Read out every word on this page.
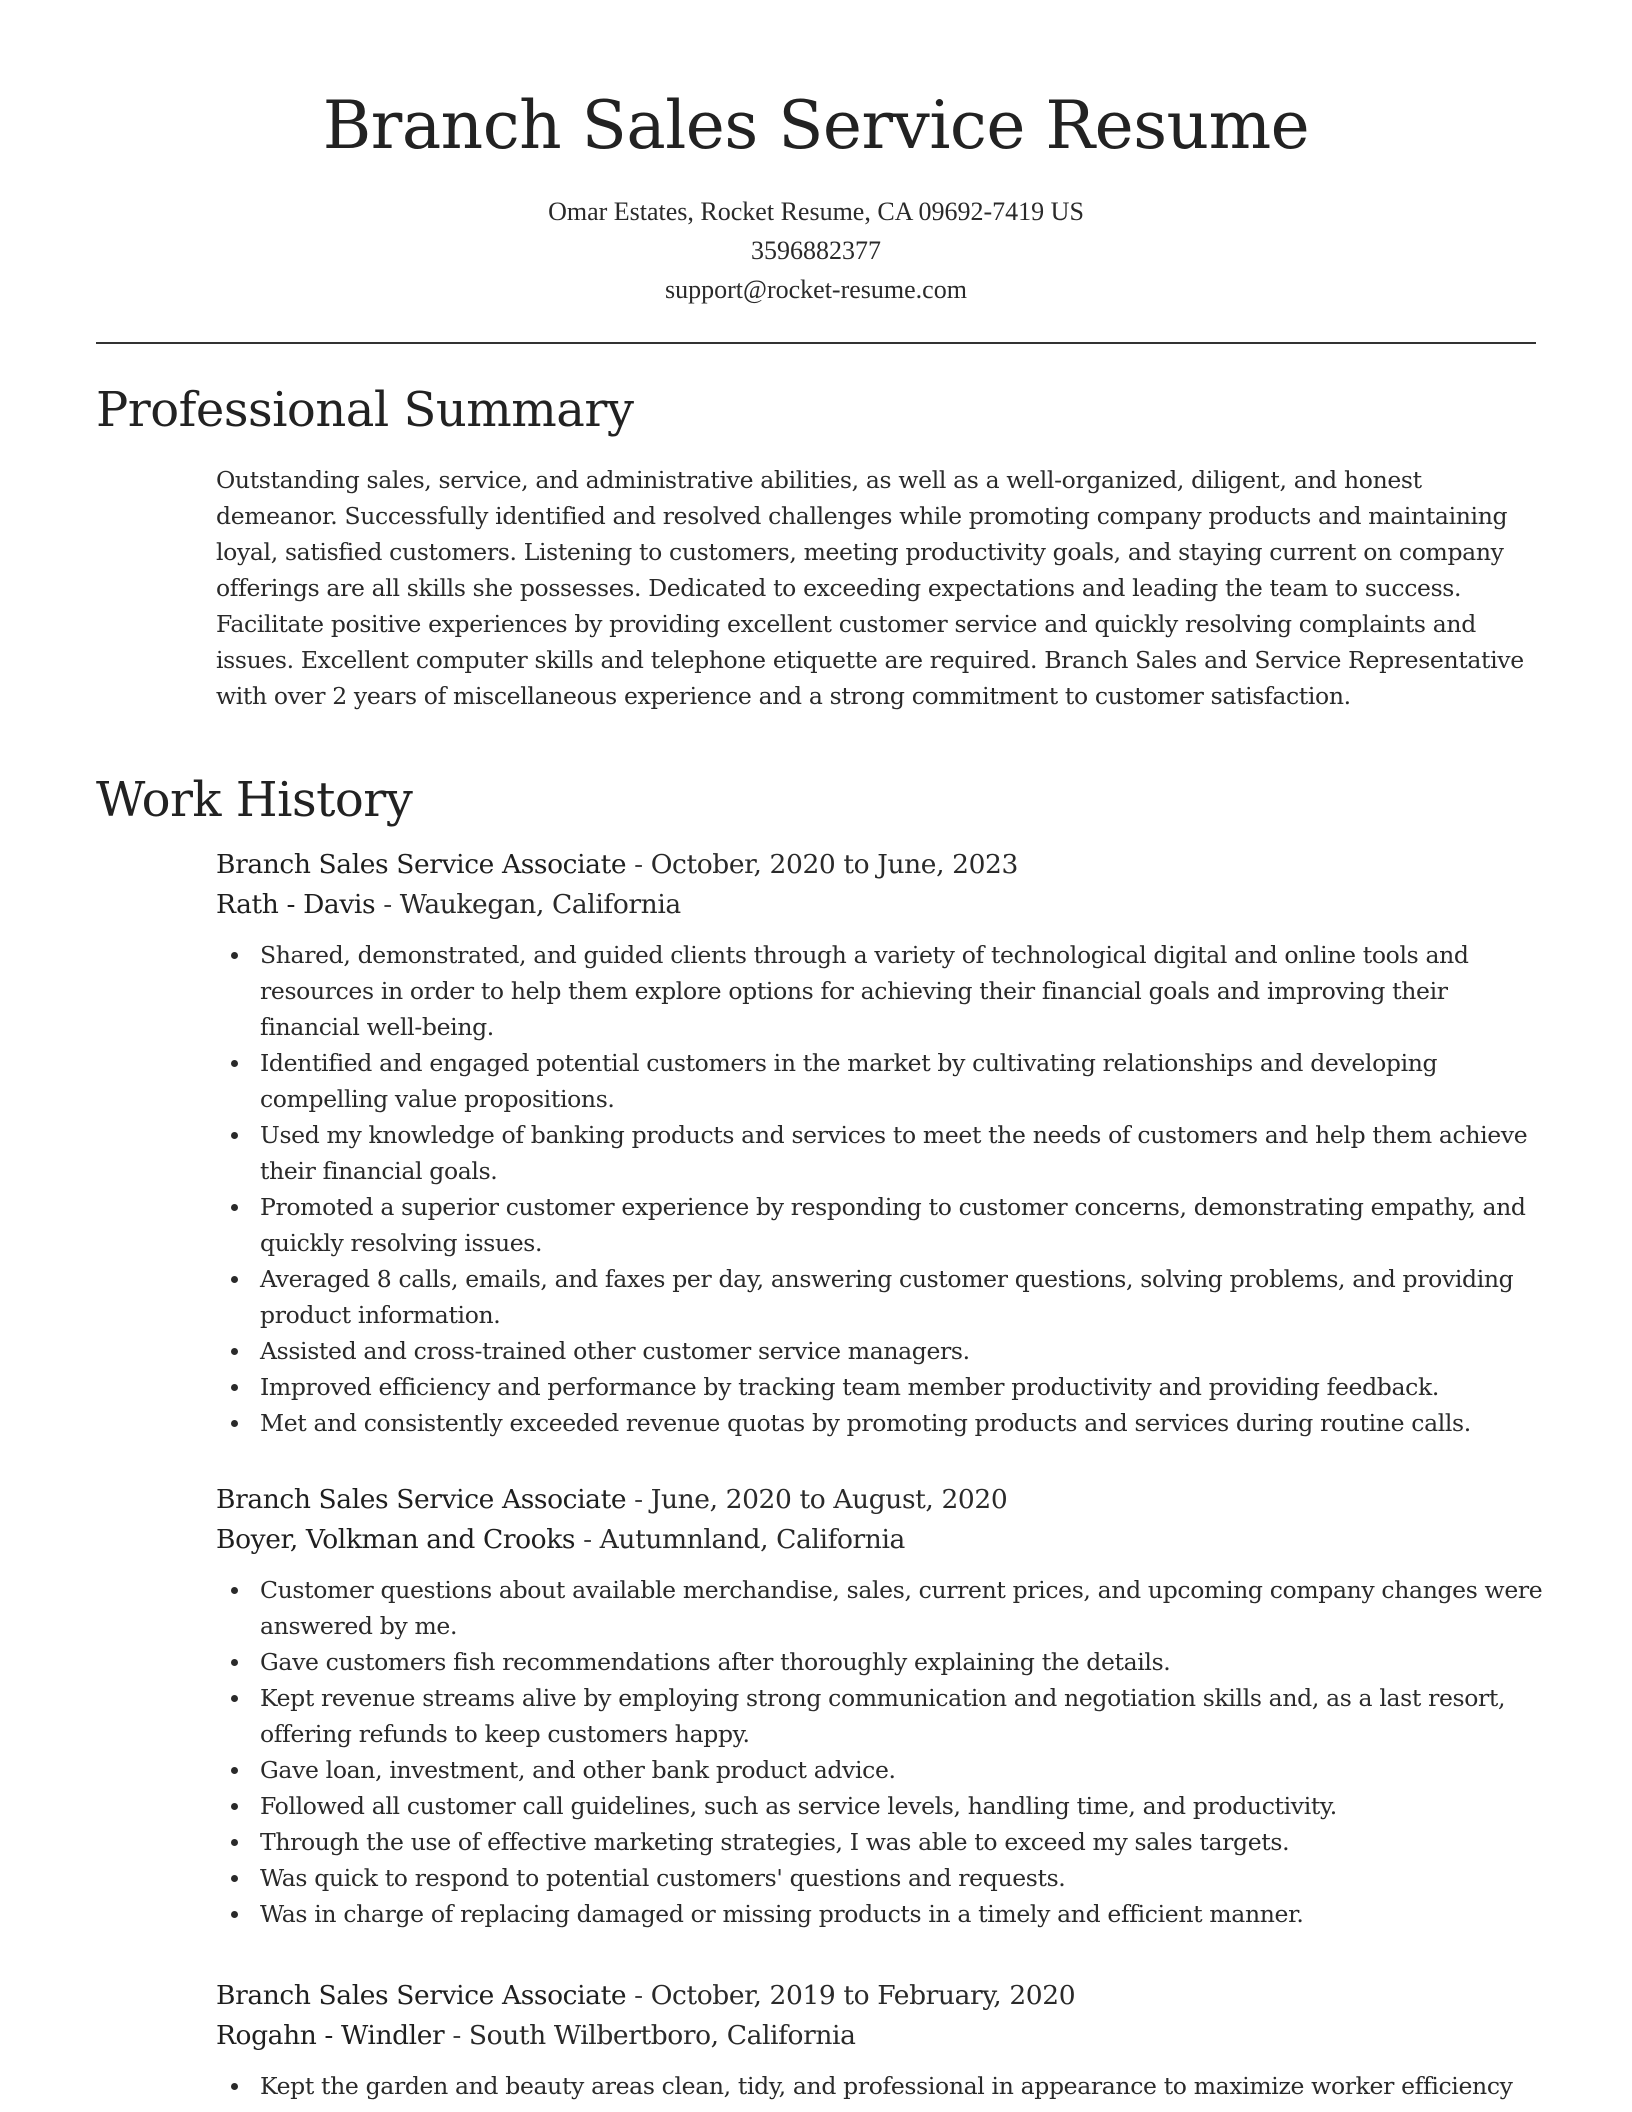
Branch Sales Service Resume
Omar Estates, Rocket Resume, CA 09692-7419 US
3596882377
support@rocket-resume.com
Professional Summary
Outstanding sales, service, and administrative abilities, as well as a well-organized, diligent, and honest demeanor. Successfully identified and resolved challenges while promoting company products and maintaining loyal, satisfied customers. Listening to customers, meeting productivity goals, and staying current on company offerings are all skills she possesses. Dedicated to exceeding expectations and leading the team to success. Facilitate positive experiences by providing excellent customer service and quickly resolving complaints and issues. Excellent computer skills and telephone etiquette are required. Branch Sales and Service Representative with over 2 years of miscellaneous experience and a strong commitment to customer satisfaction.
Work History
Branch Sales Service Associate - October, 2020 to June, 2023
Rath - Davis - Waukegan, California
Shared, demonstrated, and guided clients through a variety of technological digital and online tools and resources in order to help them explore options for achieving their financial goals and improving their financial well-being.
Identified and engaged potential customers in the market by cultivating relationships and developing compelling value propositions.
Used my knowledge of banking products and services to meet the needs of customers and help them achieve their financial goals.
Promoted a superior customer experience by responding to customer concerns, demonstrating empathy, and quickly resolving issues.
Averaged 8 calls, emails, and faxes per day, answering customer questions, solving problems, and providing product information.
Assisted and cross-trained other customer service managers.
Improved efficiency and performance by tracking team member productivity and providing feedback.
Met and consistently exceeded revenue quotas by promoting products and services during routine calls.
Branch Sales Service Associate - June, 2020 to August, 2020
Boyer, Volkman and Crooks - Autumnland, California
Customer questions about available merchandise, sales, current prices, and upcoming company changes were answered by me.
Gave customers fish recommendations after thoroughly explaining the details.
Kept revenue streams alive by employing strong communication and negotiation skills and, as a last resort, offering refunds to keep customers happy.
Gave loan, investment, and other bank product advice.
Followed all customer call guidelines, such as service levels, handling time, and productivity.
Through the use of effective marketing strategies, I was able to exceed my sales targets.
Was quick to respond to potential customers' questions and requests.
Was in charge of replacing damaged or missing products in a timely and efficient manner.
Branch Sales Service Associate - October, 2019 to February, 2020
Rogahn - Windler - South Wilbertboro, California
Kept the garden and beauty areas clean, tidy, and professional in appearance to maximize worker efficiency
